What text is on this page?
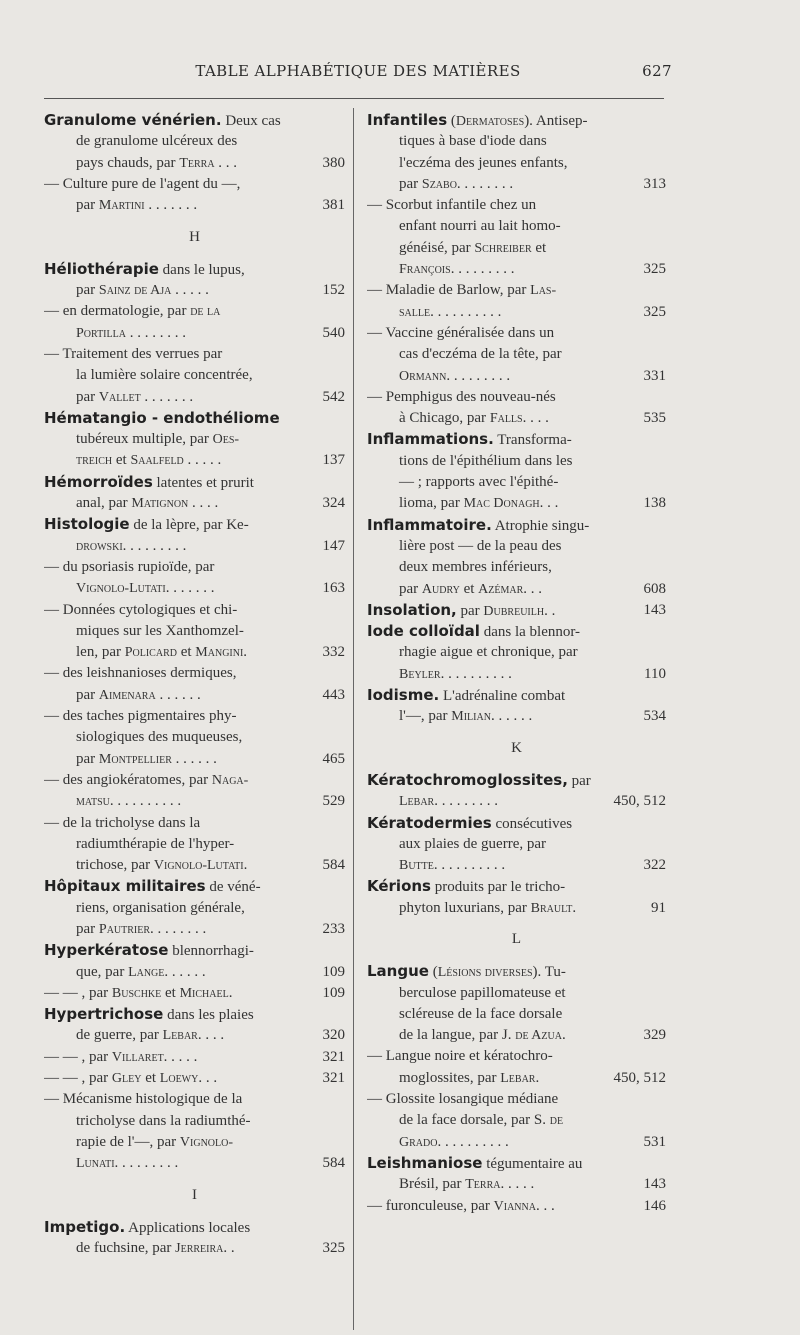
TABLE ALPHABÉTIQUE DES MATIÈRES	627
Granulome vénérien. Deux cas
de granulome ulcéreux des
pays chauds, par Terra . . .	380
— Culture pure de l'agent du —,
par Martini . . . . . . .	381
H
Héliothérapie dans le lupus,
par Sainz de Aja . . . . .	152
— en dermatologie, par de la
Portilla . . . . . . . .	540
— Traitement des verrues par
la lumière solaire concentrée,
par Vallet . . . . . . .	542
Hématangio - endothéliome
tubéreux multiple, par Oes-
treich et Saalfeld . . . . .	137
Hémorroïdes latentes et prurit
anal, par Matignon . . . .	324
Histologie de la lèpre, par Ke-
drowski. . . . . . . . .	147
— du psoriasis rupioïde, par
Vignolo-Lutati. . . . . . .	163
— Données cytologiques et chi-
miques sur les Xanthomzel-
len, par Policard et Mangini.	332
— des leishnanioses dermiques,
par Aimenara . . . . . .	443
— des taches pigmentaires phy-
siologiques des muqueuses,
par Montpellier . . . . . .	465
— des angiokératomes, par Naga-
matsu. . . . . . . . . .	529
— de la tricholyse dans la
radiumthérapie de l'hyper-
trichose, par Vignolo-Lutati.	584
Hôpitaux militaires de véné-
riens, organisation générale,
par Pautrier. . . . . . . .	233
Hyperkératose blennorrhagi-
que, par Lange. . . . . .	109
— — , par Buschke et Michael.	109
Hypertrichose dans les plaies
de guerre, par Lebar. . . .	320
— — , par Villaret. . . . .	321
— — , par Gley et Loewy. . .	321
— Mécanisme histologique de la
tricholyse dans la radiumthé-
rapie de l'—, par Vignolo-
Lunati. . . . . . . . .	584
I
Impetigo. Applications locales
de fuchsine, par Jerreira. .	325
Infantiles (Dermatoses). Antisep-
tiques à base d'iode dans
l'eczéma des jeunes enfants,
par Szabo. . . . . . . .	313
— Scorbut infantile chez un
enfant nourri au lait homo-
généisé, par Schreiber et
François. . . . . . . . .	325
— Maladie de Barlow, par Las-
salle. . . . . . . . . .	325
— Vaccine généralisée dans un
cas d'eczéma de la tête, par
Ormann. . . . . . . . .	331
— Pemphigus des nouveau-nés
à Chicago, par Falls. . . .	535
Inflammations. Transforma-
tions de l'épithélium dans les
— ; rapports avec l'épithé-
lioma, par Mac Donagh. . .	138
Inflammatoire. Atrophie singu-
lière post — de la peau des
deux membres inférieurs,
par Audry et Azémar. . .	608
Insolation, par Dubreuilh. .	143
Iode colloïdal dans la blennor-
rhagie aigue et chronique, par
Beyler. . . . . . . . . .	110
Iodisme. L'adrénaline combat
l'—, par Milian. . . . . .	534
K
Kératochromoglossites, par
Lebar. . . . . . . . .	450, 512
Kératodermies consécutives
aux plaies de guerre, par
Butte. . . . . . . . . .	322
Kérions produits par le tricho-
phyton luxurians, par Brault.	91
L
Langue (Lésions diverses). Tu-
berculose papillomateuse et
scléreuse de la face dorsale
de la langue, par J. de Azua.	329
— Langue noire et kératochro-
moglossites, par Lebar.	450, 512
— Glossite losangique médiane
de la face dorsale, par S. de
Grado. . . . . . . . . .	531
Leishmaniose tégumentaire au
Brésil, par Terra. . . . .	143
— furonculeuse, par Vianna. . .	146
